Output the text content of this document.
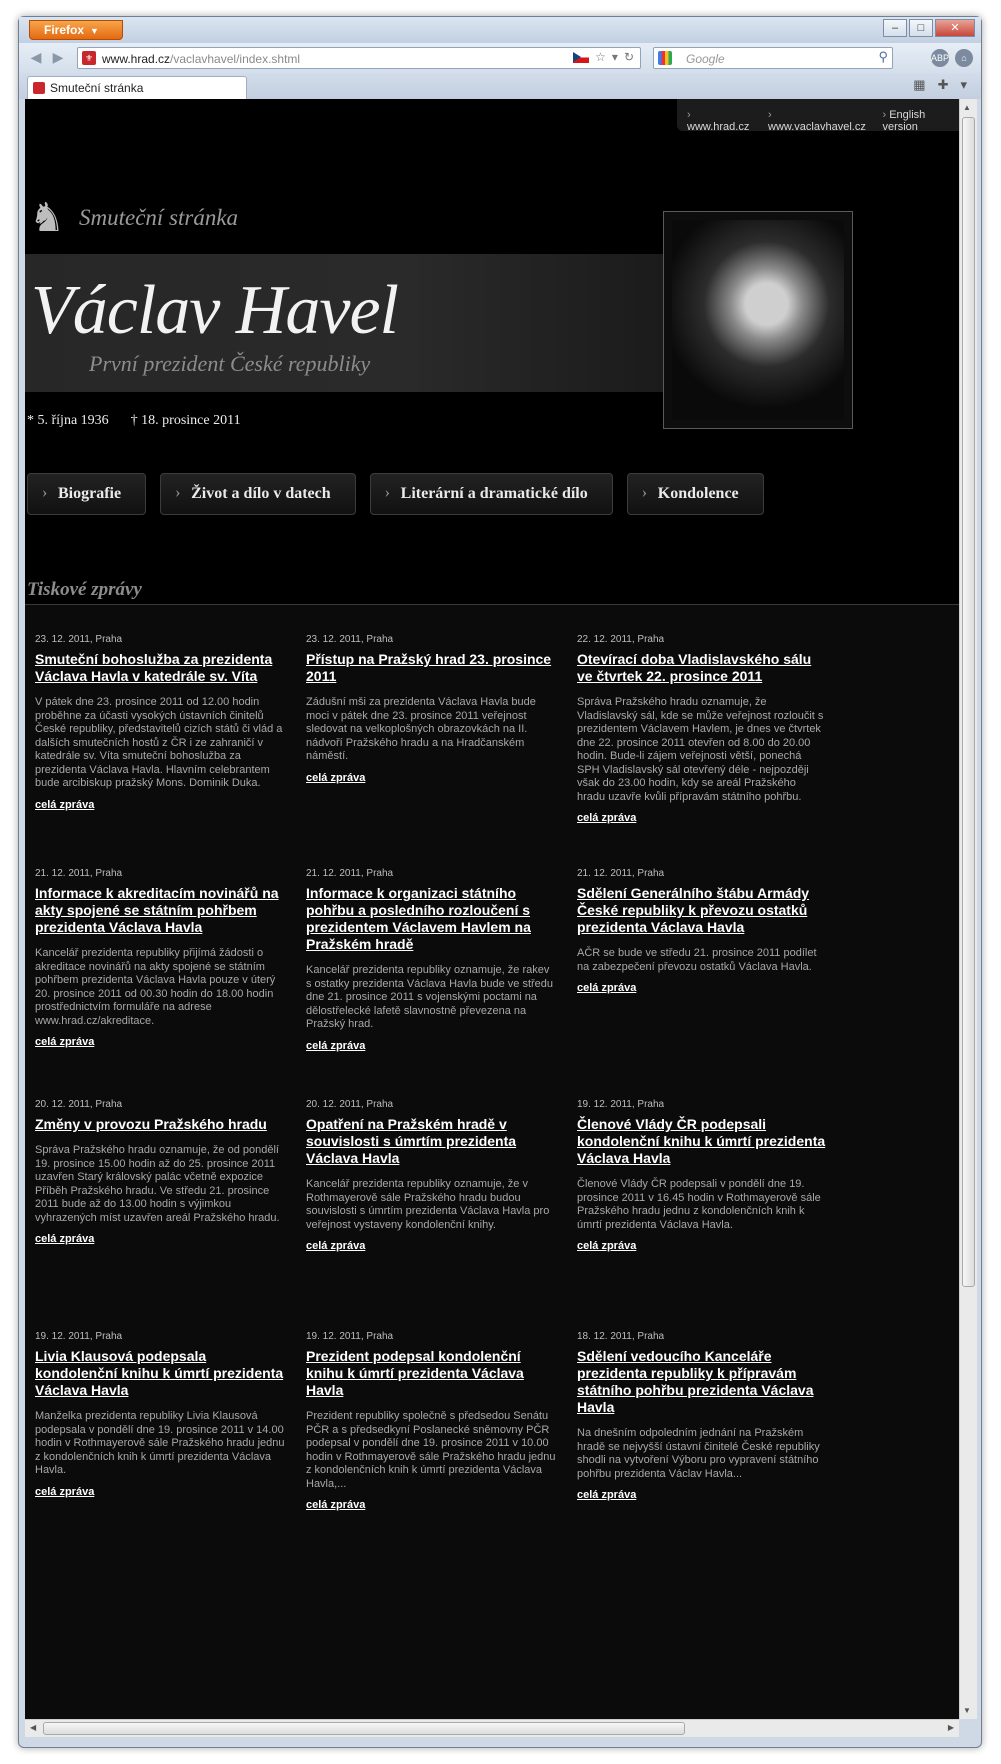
Firefox ▼	–	□	✕
◀ ▶	⚜ www.hrad.cz/vaclavhavel/index.shtml	☆ ▾ ↻	Google	⚲	ABP	⌂
Smuteční stránka	▦ ✚ ▾
› www.hrad.cz › www.vaclavhavel.cz
› English version
♞ Smuteční stránka
Václav Havel
První prezident České republiky
* 5. října 1936 † 18. prosince 2011
› Biografie	› Život a dílo v datech	› Literární a dramatické dílo	› Kondolence
Tiskové zprávy
23. 12. 2011, Praha
Smuteční bohoslužba za prezidenta Václava Havla v katedrále sv. Víta
V pátek dne 23. prosince 2011 od 12.00 hodin proběhne za účasti vysokých ústavních činitelů České republiky, představitelů cizích států či vlád a dalších smutečních hostů z ČR i ze zahraničí v katedrále sv. Víta smuteční bohoslužba za prezidenta Václava Havla. Hlavním celebrantem bude arcibiskup pražský Mons. Dominik Duka.
celá zpráva
23. 12. 2011, Praha
Přístup na Pražský hrad 23. prosince 2011
Zádušní mši za prezidenta Václava Havla bude moci v pátek dne 23. prosince 2011 veřejnost sledovat na velkoplošných obrazovkách na II. nádvoří Pražského hradu a na Hradčanském náměstí.
celá zpráva
22. 12. 2011, Praha
Otevírací doba Vladislavského sálu ve čtvrtek 22. prosince 2011
Správa Pražského hradu oznamuje, že Vladislavský sál, kde se může veřejnost rozloučit s prezidentem Václavem Havlem, je dnes ve čtvrtek dne 22. prosince 2011 otevřen od 8.00 do 20.00 hodin. Bude-li zájem veřejnosti větší, ponechá SPH Vladislavský sál otevřený déle - nejpozději však do 23.00 hodin, kdy se areál Pražského hradu uzavře kvůli přípravám státního pohřbu.
celá zpráva
21. 12. 2011, Praha
Informace k akreditacím novinářů na akty spojené se státním pohřbem prezidenta Václava Havla
Kancelář prezidenta republiky přijímá žádosti o akreditace novinářů na akty spojené se státním pohřbem prezidenta Václava Havla pouze v úterý 20. prosince 2011 od 00.30 hodin do 18.00 hodin prostřednictvím formuláře na adrese www.hrad.cz/akreditace.
celá zpráva
21. 12. 2011, Praha
Informace k organizaci státního pohřbu a posledního rozloučení s prezidentem Václavem Havlem na Pražském hradě
Kancelář prezidenta republiky oznamuje, že rakev s ostatky prezidenta Václava Havla bude ve středu dne 21. prosince 2011 s vojenskými poctami na dělostřelecké lafetě slavnostně převezena na Pražský hrad.
celá zpráva
21. 12. 2011, Praha
Sdělení Generálního štábu Armády České republiky k převozu ostatků prezidenta Václava Havla
AČR se bude ve středu 21. prosince 2011 podílet na zabezpečení převozu ostatků Václava Havla.
celá zpráva
20. 12. 2011, Praha
Změny v provozu Pražského hradu
Správa Pražského hradu oznamuje, že od pondělí 19. prosince 15.00 hodin až do 25. prosince 2011 uzavřen Starý královský palác včetně expozice Příběh Pražského hradu. Ve středu 21. prosince 2011 bude až do 13.00 hodin s výjimkou vyhrazených míst uzavřen areál Pražského hradu.
celá zpráva
20. 12. 2011, Praha
Opatření na Pražském hradě v souvislosti s úmrtím prezidenta Václava Havla
Kancelář prezidenta republiky oznamuje, že v Rothmayerově sále Pražského hradu budou souvislosti s úmrtím prezidenta Václava Havla pro veřejnost vystaveny kondolenční knihy.
celá zpráva
19. 12. 2011, Praha
Členové Vlády ČR podepsali kondolenční knihu k úmrtí prezidenta Václava Havla
Členové Vlády ČR podepsali v pondělí dne 19. prosince 2011 v 16.45 hodin v Rothmayerově sále Pražského hradu jednu z kondolenčních knih k úmrtí prezidenta Václava Havla.
celá zpráva
19. 12. 2011, Praha
Livia Klausová podepsala kondolenční knihu k úmrtí prezidenta Václava Havla
Manželka prezidenta republiky Livia Klausová podepsala v pondělí dne 19. prosince 2011 v 14.00 hodin v Rothmayerově sále Pražského hradu jednu z kondolenčních knih k úmrtí prezidenta Václava Havla.
celá zpráva
19. 12. 2011, Praha
Prezident podepsal kondolenční knihu k úmrtí prezidenta Václava Havla
Prezident republiky společně s předsedou Senátu PČR a s předsedkyní Poslanecké sněmovny PČR podepsal v pondělí dne 19. prosince 2011 v 10.00 hodin v Rothmayerově sále Pražského hradu jednu z kondolenčních knih k úmrtí prezidenta Václava Havla,...
celá zpráva
18. 12. 2011, Praha
Sdělení vedoucího Kanceláře prezidenta republiky k přípravám státního pohřbu prezidenta Václava Havla
Na dnešním odpoledním jednání na Pražském hradě se nejvyšší ústavní činitelé České republiky shodli na vytvoření Výboru pro vypravení státního pohřbu prezidenta Václav Havla...
celá zpráva
▲
▼
◀	▶
